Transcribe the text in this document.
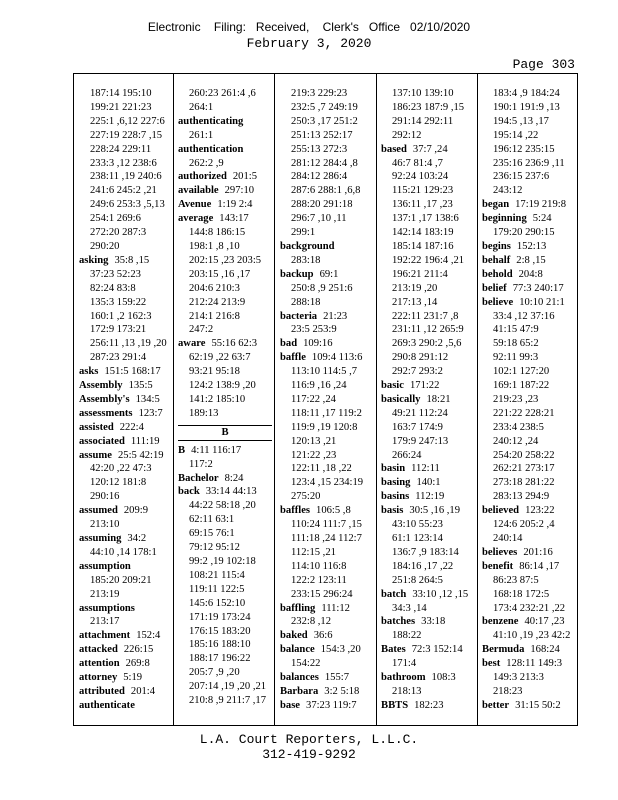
Electronic    Filing:   Received,    Clerk's   Office   02/10/2020
February 3, 2020
Page 303
187:14 195:10
199:21 221:23
225:1 ,6,12 227:6
227:19 228:7 ,15
228:24 229:11
233:3 ,12 238:6
238:11 ,19 240:6
241:6 245:2 ,21
249:6 253:3 ,5,13
254:1 269:6
272:20 287:3
290:20
asking 35:8 ,15
37:23 52:23
82:24 83:8
135:3 159:22
160:1 ,2 162:3
172:9 173:21
256:11 ,13 ,19 ,20
287:23 291:4
asks 151:5 168:17
Assembly 135:5
Assembly's 134:5
assessments 123:7
assisted 222:4
associated 111:19
assume 25:5 42:19
42:20 ,22 47:3
120:12 181:8
290:16
assumed 209:9
213:10
assuming 34:2
44:10 ,14 178:1
assumption
185:20 209:21
213:19
assumptions
213:17
attachment 152:4
attacked 226:15
attention 269:8
attorney 5:19
attributed 201:4
authenticate
260:23 261:4 ,6
264:1
authenticating
261:1
authentication
262:2 ,9
authorized 201:5
available 297:10
Avenue 1:19 2:4
average 143:17
144:8 186:15
198:1 ,8 ,10
202:15 ,23 203:5
203:15 ,16 ,17
204:6 210:3
212:24 213:9
214:1 216:8
247:2
aware 55:16 62:3
62:19 ,22 63:7
93:21 95:18
124:2 138:9 ,20
141:2 185:10
189:13
B
B 4:11 116:17
117:2
Bachelor 8:24
back 33:14 44:13
44:22 58:18 ,20
62:11 63:1
69:15 76:1
79:12 95:12
99:2 ,19 102:18
108:21 115:4
119:11 122:5
145:6 152:10
171:19 173:24
176:15 183:20
185:16 188:10
188:17 196:22
205:7 ,9 ,20
207:14 ,19 ,20 ,21
210:8 ,9 211:7 ,17
219:3 229:23
232:5 ,7 249:19
250:3 ,17 251:2
251:13 252:17
255:13 272:3
281:12 284:4 ,8
284:12 286:4
287:6 288:1 ,6,8
288:20 291:18
296:7 ,10 ,11
299:1
background
283:18
backup 69:1
250:8 ,9 251:6
288:18
bacteria 21:23
23:5 253:9
bad 109:16
baffle 109:4 113:6
113:10 114:5 ,7
116:9 ,16 ,24
117:22 ,24
118:11 ,17 119:2
119:9 ,19 120:8
120:13 ,21
121:22 ,23
122:11 ,18 ,22
123:4 ,15 234:19
275:20
baffles 106:5 ,8
110:24 111:7 ,15
111:18 ,24 112:7
112:15 ,21
114:10 116:8
122:2 123:11
233:15 296:24
baffling 111:12
232:8 ,12
baked 36:6
balance 154:3 ,20
154:22
balances 155:7
Barbara 3:2 5:18
base 37:23 119:7
137:10 139:10
186:23 187:9 ,15
291:14 292:11
292:12
based 37:7 ,24
46:7 81:4 ,7
92:24 103:24
115:21 129:23
136:11 ,17 ,23
137:1 ,17 138:6
142:14 183:19
185:14 187:16
192:22 196:4 ,21
196:21 211:4
213:19 ,20
217:13 ,14
222:11 231:7 ,8
231:11 ,12 265:9
269:3 290:2 ,5,6
290:8 291:12
292:7 293:2
basic 171:22
basically 18:21
49:21 112:24
163:7 174:9
179:9 247:13
266:24
basin 112:11
basing 140:1
basins 112:19
basis 30:5 ,16 ,19
43:10 55:23
61:1 123:14
136:7 ,9 183:14
184:16 ,17 ,22
251:8 264:5
batch 33:10 ,12 ,15
34:3 ,14
batches 33:18
188:22
Bates 72:3 152:14
171:4
bathroom 108:3
218:13
BBTS 182:23
183:4 ,9 184:24
190:1 191:9 ,13
194:5 ,13 ,17
195:14 ,22
196:12 235:15
235:16 236:9 ,11
236:15 237:6
243:12
began 17:19 219:8
beginning 5:24
179:20 290:15
begins 152:13
behalf 2:8 ,15
behold 204:8
belief 77:3 240:17
believe 10:10 21:1
33:4 ,12 37:16
41:15 47:9
59:18 65:2
92:11 99:3
102:1 127:20
169:1 187:22
219:23 ,23
221:22 228:21
233:4 238:5
240:12 ,24
254:20 258:22
262:21 273:17
273:18 281:22
283:13 294:9
believed 123:22
124:6 205:2 ,4
240:14
believes 201:16
benefit 86:14 ,17
86:23 87:5
168:18 172:5
173:4 232:21 ,22
benzene 40:17 ,23
41:10 ,19 ,23 42:2
Bermuda 168:24
best 128:11 149:3
149:3 213:3
218:23
better 31:15 50:2
L.A. Court Reporters, L.L.C.
312-419-9292
